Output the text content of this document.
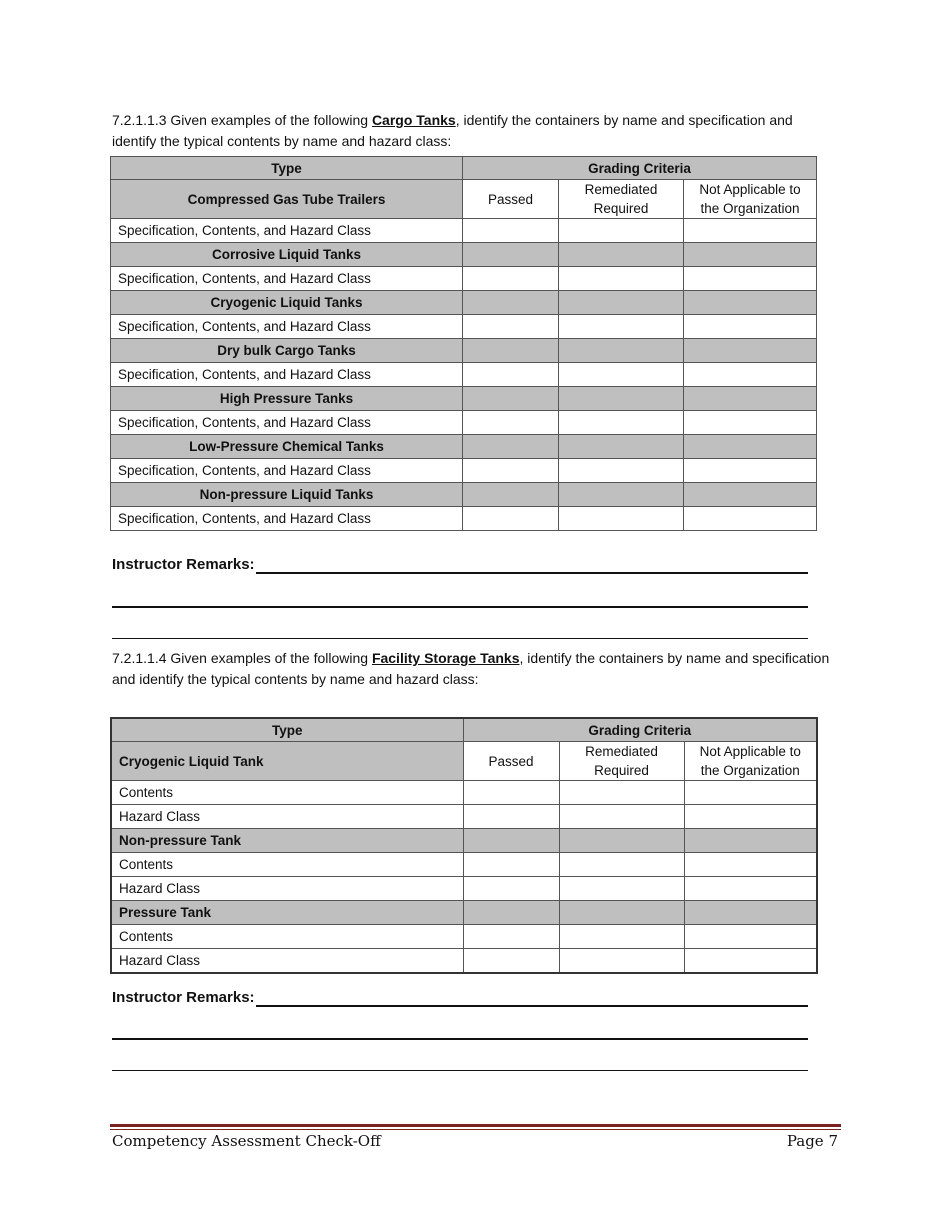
7.2.1.1.3 Given examples of the following Cargo Tanks, identify the containers by name and specification and identify the typical contents by name and hazard class:

Type	Grading Criteria		
Compressed Gas Tube Trailers	Passed	Remediated Required	Not Applicable to the Organization
Specification, Contents, and Hazard Class			
Corrosive Liquid Tanks			
Specification, Contents, and Hazard Class			
Cryogenic Liquid Tanks			
Specification, Contents, and Hazard Class			
Dry bulk Cargo Tanks			
Specification, Contents, and Hazard Class			
High Pressure Tanks			
Specification, Contents, and Hazard Class			
Low-Pressure Chemical Tanks			
Specification, Contents, and Hazard Class			
Non-pressure Liquid Tanks			
Specification, Contents, and Hazard Class			
Instructor Remarks:

7.2.1.1.4 Given examples of the following Facility Storage Tanks, identify the containers by name and specification and identify the typical contents by name and hazard class:

Type	Grading Criteria		
Cryogenic Liquid Tank	Passed	Remediated Required	Not Applicable to the Organization
Contents			
Hazard Class			
Non-pressure Tank			
Contents			
Hazard Class			
Pressure Tank			
Contents			
Hazard Class			
Instructor Remarks:
Competency Assessment Check-Off	Page 7
